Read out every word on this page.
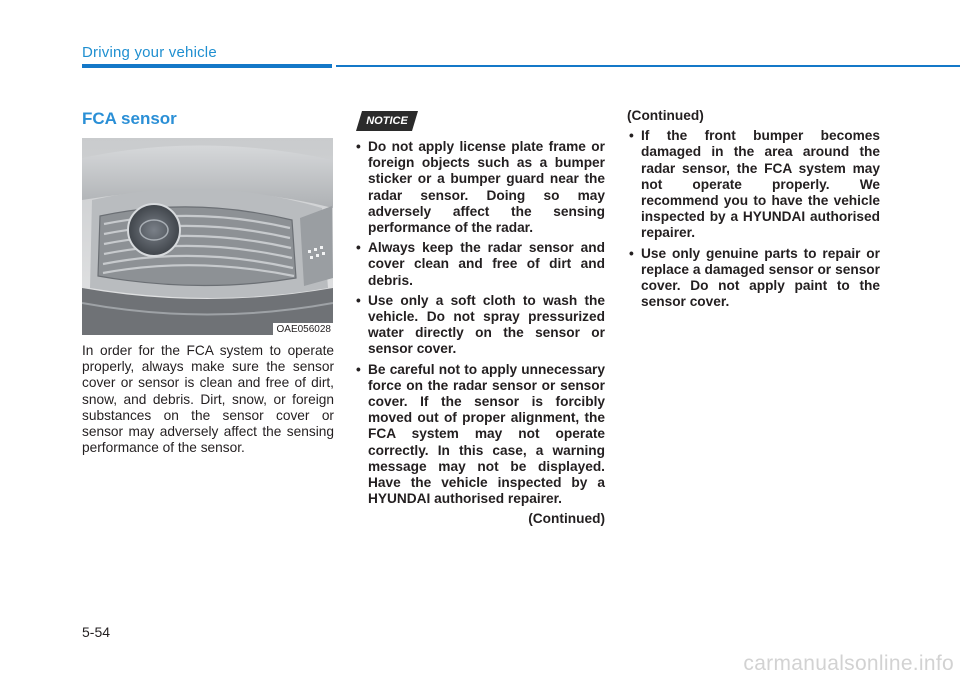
Driving your vehicle
FCA sensor
OAE056028
In order for the FCA system to operate properly, always make sure the sensor cover or sensor is clean and free of dirt, snow, and debris. Dirt, snow, or foreign substances on the sensor cover or sensor may adversely affect the sensing performance of the sensor.
NOTICE
• Do not apply license plate frame or foreign objects such as a bumper sticker or a bumper guard near the radar sensor. Doing so may adversely affect the sensing performance of the radar.
• Always keep the radar sensor and cover clean and free of dirt and debris.
• Use only a soft cloth to wash the vehicle. Do not spray pressurized water directly on the sensor or sensor cover.
• Be careful not to apply unnecessary force on the radar sensor or sensor cover. If the sensor is forcibly moved out of proper alignment, the FCA system may not operate correctly. In this case, a warning message may not be displayed. Have the vehicle inspected by a HYUNDAI authorised repairer.
(Continued)
(Continued)
• If the front bumper becomes damaged in the area around the radar sensor, the FCA system may not operate properly. We recommend you to have the vehicle inspected by a HYUNDAI authorised repairer.
• Use only genuine parts to repair or replace a damaged sensor or sensor cover. Do not apply paint to the sensor cover.
5-54
carmanualsonline.info
